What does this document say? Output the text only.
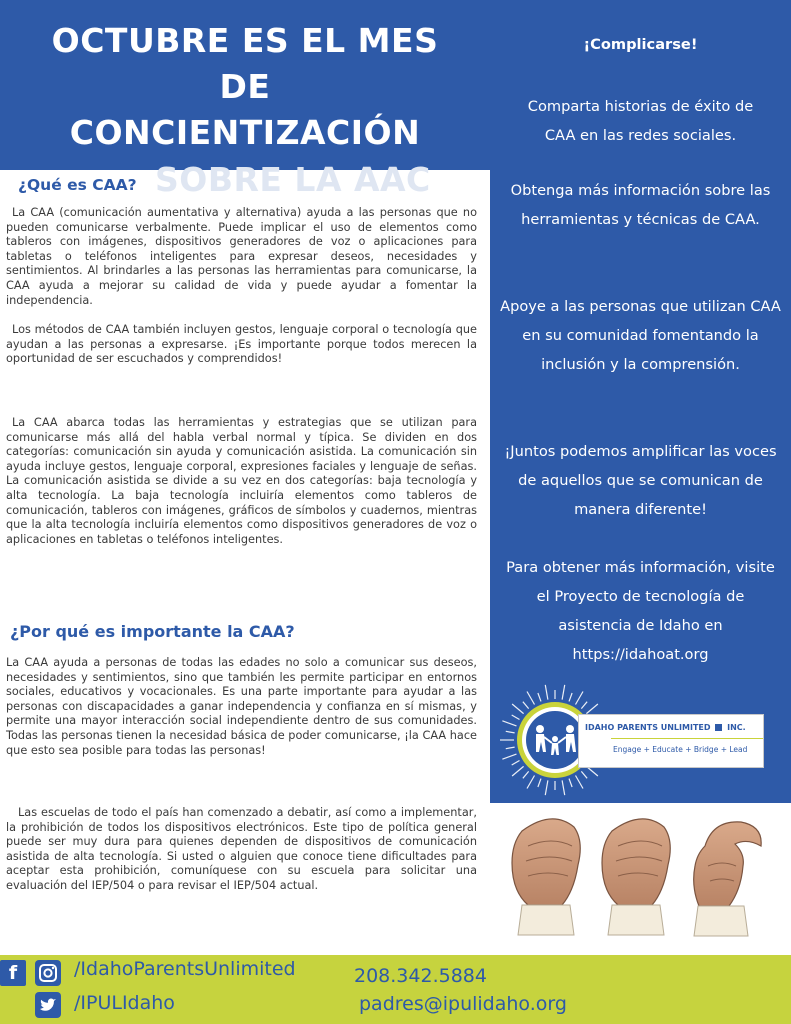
OCTUBRE ES EL MES
DE
CONCIENTIZACIÓN
SOBRE LA AAC
¿Qué es CAA?

La CAA (comunicación aumentativa y alternativa) ayuda a las personas que no pueden comunicarse verbalmente. Puede implicar el uso de elementos como tableros con imágenes, dispositivos generadores de voz o aplicaciones para tabletas o teléfonos inteligentes para expresar deseos, necesidades y sentimientos. Al brindarles a las personas las herramientas para comunicarse, la CAA ayuda a mejorar su calidad de vida y puede ayudar a fomentar la independencia.

Los métodos de CAA también incluyen gestos, lenguaje corporal o tecnología que ayudan a las personas a expresarse. ¡Es importante porque todos merecen la oportunidad de ser escuchados y comprendidos!

La CAA abarca todas las herramientas y estrategias que se utilizan para comunicarse más allá del habla verbal normal y típica. Se dividen en dos categorías: comunicación sin ayuda y comunicación asistida. La comunicación sin ayuda incluye gestos, lenguaje corporal, expresiones faciales y lenguaje de señas. La comunicación asistida se divide a su vez en dos categorías: baja tecnología y alta tecnología. La baja tecnología incluiría elementos como tableros de comunicación, tableros con imágenes, gráficos de símbolos y cuadernos, mientras que la alta tecnología incluiría elementos como dispositivos generadores de voz o aplicaciones en tabletas o teléfonos inteligentes.

¿Por qué es importante la CAA?

La CAA ayuda a personas de todas las edades no solo a comunicar sus deseos, necesidades y sentimientos, sino que también les permite participar en entornos sociales, educativos y vocacionales. Es una parte importante para ayudar a las personas con discapacidades a ganar independencia y confianza en sí mismas, y permite una mayor interacción social independiente dentro de sus comunidades. Todas las personas tienen la necesidad básica de poder comunicarse, ¡la CAA hace que esto sea posible para todas las personas!

Las escuelas de todo el país han comenzado a debatir, así como a implementar, la prohibición de todos los dispositivos electrónicos. Este tipo de política general puede ser muy dura para quienes dependen de dispositivos de comunicación asistida de alta tecnología. Si usted o alguien que conoce tiene dificultades para aceptar esta prohibición, comuníquese con su escuela para solicitar una evaluación del IEP/504 o para revisar el IEP/504 actual.

¡Complicarse!
Comparta historias de éxito de CAA en las redes sociales.
Obtenga más información sobre las herramientas y técnicas de CAA.
Apoye a las personas que utilizan CAA en su comunidad fomentando la inclusión y la comprensión.
¡Juntos podemos amplificar las voces de aquellos que se comunican de manera diferente!
Para obtener más información, visite el Proyecto de tecnología de asistencia de Idaho en https://idahoat.org
IDAHO PARENTS UNLIMITED INC.
Engage + Educate + Bridge + Lead
f	/IdahoParentsUnlimited
/IPULIdaho
208.342.5884
padres@ipulidaho.org
